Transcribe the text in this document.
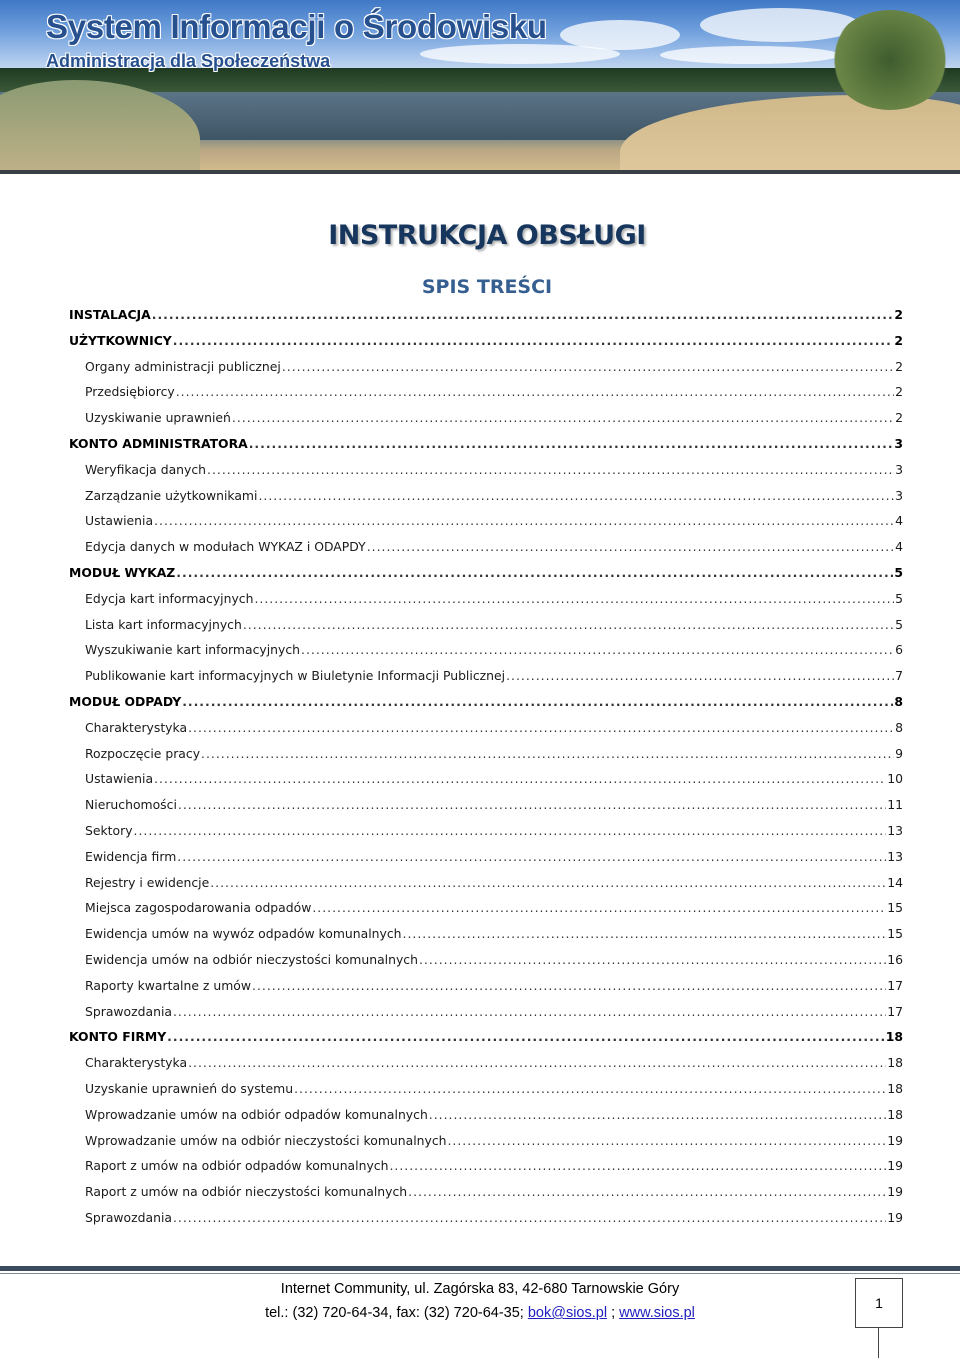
System Informacji o Środowisku
Administracja dla Społeczeństwa
INSTRUKCJA OBSŁUGI
SPIS TREŚCI
INSTALACJA .....	2
UŻYTKOWNICY .....	2
Organy administracji publicznej .....	2
Przedsiębiorcy .....	2
Uzyskiwanie uprawnień .....	2
KONTO ADMINISTRATORA .....	3
Weryfikacja danych .....	3
Zarządzanie użytkownikami .....	3
Ustawienia .....	4
Edycja danych w modułach WYKAZ i ODAPDY .....	4
MODUŁ WYKAZ .....	5
Edycja kart informacyjnych .....	5
Lista kart informacyjnych .....	5
Wyszukiwanie kart informacyjnych .....	6
Publikowanie kart informacyjnych w Biuletynie Informacji Publicznej .....	7
MODUŁ ODPADY .....	8
Charakterystyka .....	8
Rozpoczęcie pracy .....	9
Ustawienia .....	10
Nieruchomości .....	11
Sektory .....	13
Ewidencja firm .....	13
Rejestry i ewidencje .....	14
Miejsca zagospodarowania odpadów .....	15
Ewidencja umów na wywóz odpadów komunalnych .....	15
Ewidencja umów na odbiór nieczystości komunalnych .....	16
Raporty kwartalne z umów .....	17
Sprawozdania .....	17
KONTO FIRMY .....	18
Charakterystyka .....	18
Uzyskanie uprawnień do systemu .....	18
Wprowadzanie umów na odbiór odpadów komunalnych .....	18
Wprowadzanie umów na odbiór nieczystości komunalnych .....	19
Raport z umów na odbiór odpadów komunalnych .....	19
Raport z umów na odbiór nieczystości komunalnych .....	19
Sprawozdania .....	19

Internet Community, ul. Zagórska 83, 42-680 Tarnowskie Góry

tel.: (32) 720-64-34, fax: (32) 720-64-35; bok@sios.pl ; www.sios.pl

1
